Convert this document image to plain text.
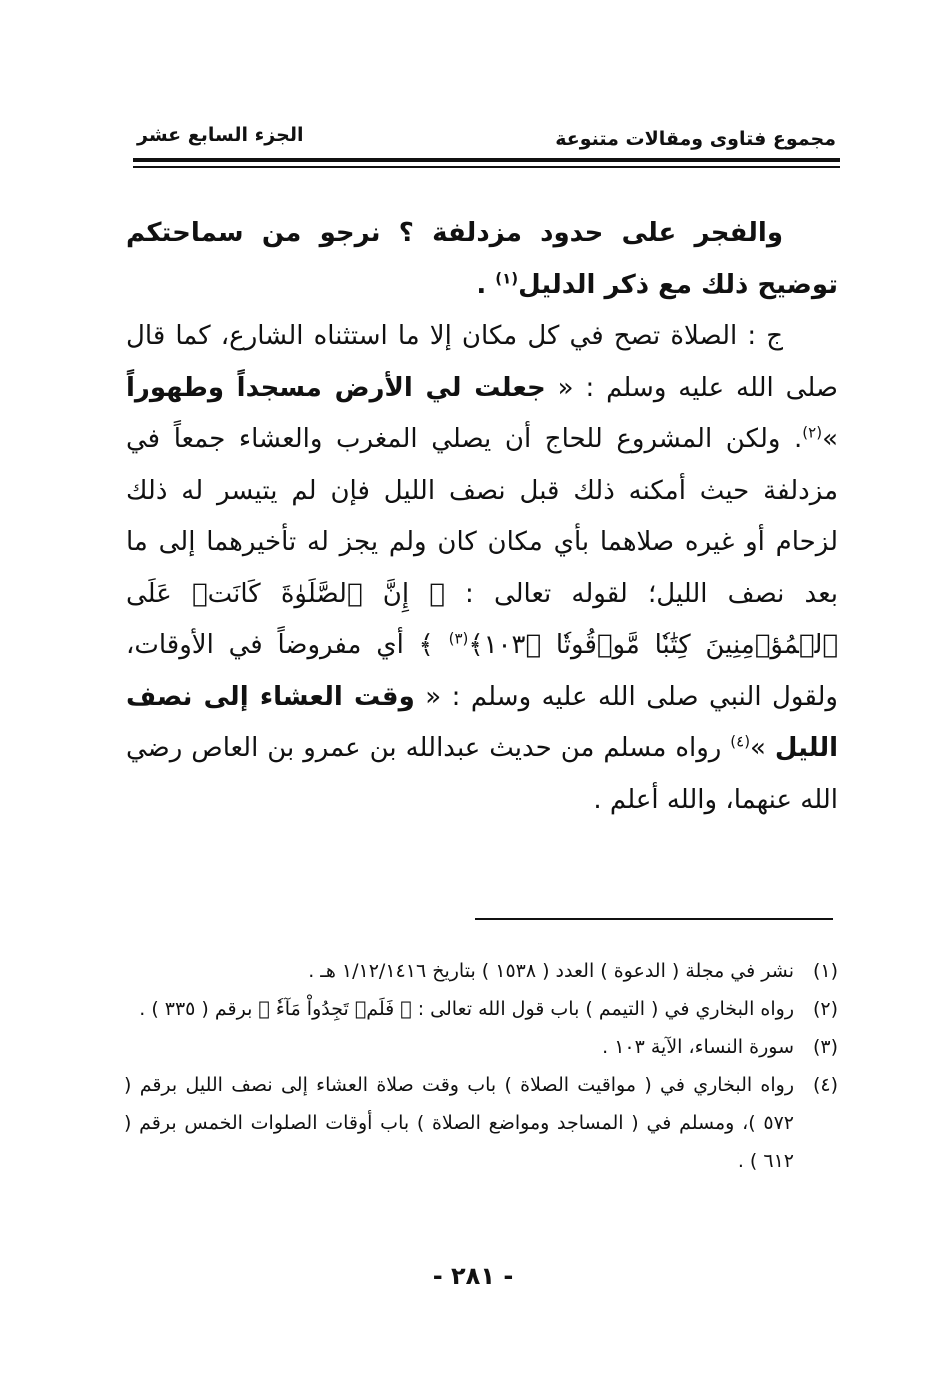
مجموع فتاوى ومقالات متنوعة
الجزء السابع عشر

والفجر على حدود مزدلفة ؟ نرجو من سماحتكم توضيح ذلك مع ذكر الدليل$^{(١)}$ .

ج : الصلاة تصح في كل مكان إلا ما استثناه الشارع، كما قال صلى الله عليه وسلم : « جعلت لي الأرض مسجداً وطهوراً »$^{(٢)}$. ولكن المشروع للحاج أن يصلي المغرب والعشاء جمعاً في مزدلفة حيث أمكنه ذلك قبل نصف الليل فإن لم يتيسر له ذلك لزحام أو غيره صلاهما بأي مكان كان ولم يجز له تأخيرهما إلى ما بعد نصف الليل؛ لقوله تعالى : ﴿ إِنَّ ٱلصَّلَوٰةَ كَانَتۡ عَلَى ٱلۡمُؤۡمِنِينَ كِتَٰبٗا مَّوۡقُوتٗا ﴿١٠٣﴾$^{(٣)}$ ﴾ أي مفروضاً في الأوقات، ولقول النبي صلى الله عليه وسلم : « وقت العشاء إلى نصف الليل »$^{(٤)}$ رواه مسلم من حديث عبدالله بن عمرو بن العاص رضي الله عنهما، والله أعلم .

(١)
نشر في مجلة ( الدعوة ) العدد ( ١٥٣٨ ) بتاريخ ١/١٢/١٤١٦ هـ .
(٢)
رواه البخاري في ( التيمم ) باب قول الله تعالى : ﴿ فَلَمۡ تَجِدُواْ مَآءٗ ﴾ برقم ( ٣٣٥ ) .
(٣)
سورة النساء، الآية ١٠٣ .
(٤)
رواه البخاري في ( مواقيت الصلاة ) باب وقت صلاة العشاء إلى نصف الليل برقم ( ٥٧٢ )، ومسلم في ( المساجد ومواضع الصلاة ) باب أوقات الصلوات الخمس برقم ( ٦١٢ ) .
- ٢٨١ -
